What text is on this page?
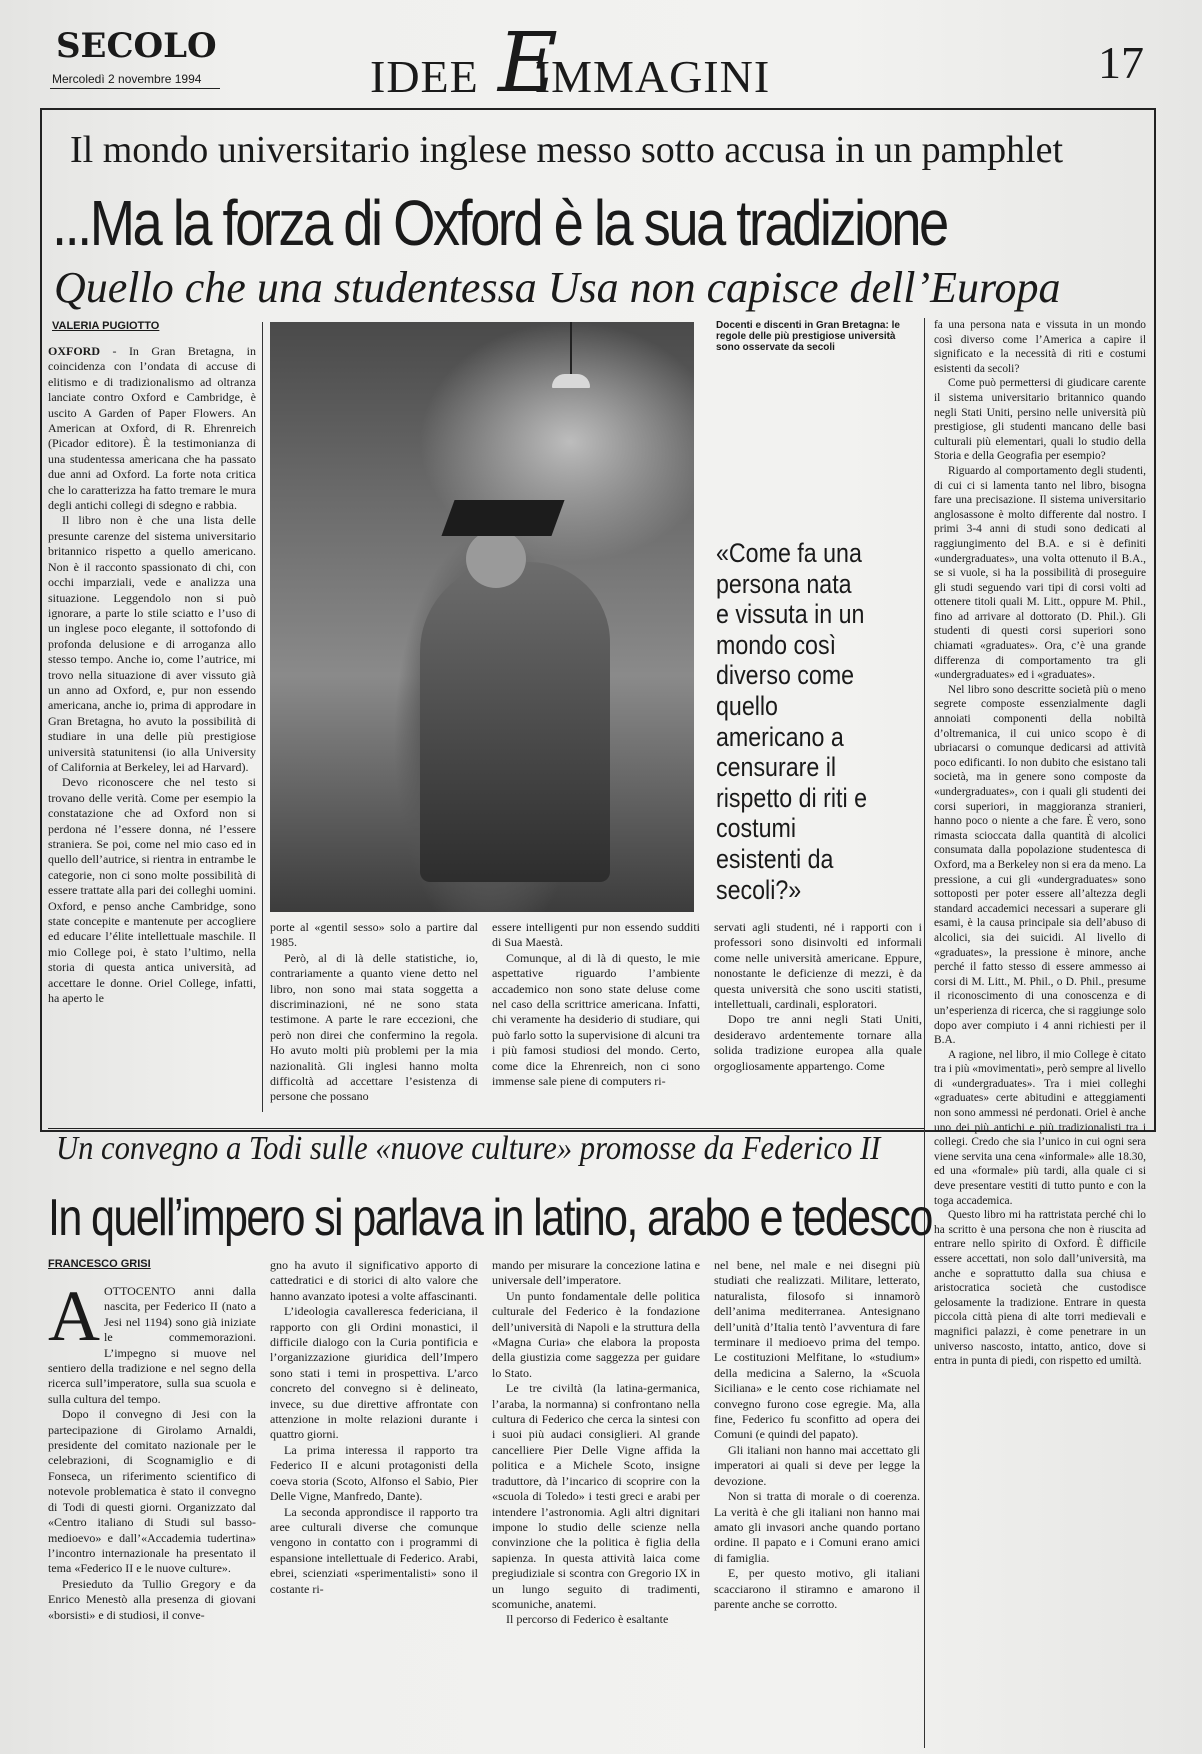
SECOLO
Mercoledì 2 novembre 1994	E
IDEE IMMAGINI	17
Il mondo universitario inglese messo sotto accusa in un pamphlet
...Ma la forza di Oxford è la sua tradizione
Quello che una studentessa Usa non capisce dell’Europa
VALERIA PUGIOTTO

OXFORD - In Gran Bretagna, in coincidenza con l’ondata di accuse di elitismo e di tradizionalismo ad oltranza lanciate contro Oxford e Cambridge, è uscito A Garden of Paper Flowers. An American at Oxford, di R. Ehrenreich (Picador editore). È la testimonianza di una studentessa americana che ha passato due anni ad Oxford. La forte nota critica che lo caratterizza ha fatto tremare le mura degli antichi collegi di sdegno e rabbia.

Il libro non è che una lista delle presunte carenze del sistema universitario britannico rispetto a quello americano. Non è il racconto spassionato di chi, con occhi imparziali, vede e analizza una situazione. Leggendolo non si può ignorare, a parte lo stile sciatto e l’uso di un inglese poco elegante, il sottofondo di profonda delusione e di arroganza allo stesso tempo. Anche io, come l’autrice, mi trovo nella situazione di aver vissuto già un anno ad Oxford, e, pur non essendo americana, anche io, prima di approdare in Gran Bretagna, ho avuto la possibilità di studiare in una delle più prestigiose università statunitensi (io alla University of California at Berkeley, lei ad Harvard).

Devo riconoscere che nel testo si trovano delle verità. Come per esempio la constatazione che ad Oxford non si perdona né l’essere donna, né l’essere straniera. Se poi, come nel mio caso ed in quello dell’autrice, si rientra in entrambe le categorie, non ci sono molte possibilità di essere trattate alla pari dei colleghi uomini. Oxford, e penso anche Cambridge, sono state concepite e mantenute per accogliere ed educare l’élite intellettuale maschile. Il mio College poi, è stato l’ultimo, nella storia di questa antica università, ad accettare le donne. Oriel College, infatti, ha aperto le

Docenti e discenti in Gran Bretagna: le regole delle più prestigiose università sono osservate da secoli
«Come fa una persona nata e vissuta in un mondo così diverso come quello americano a censurare il rispetto di riti e costumi esistenti da secoli?»

porte al «gentil sesso» solo a partire dal 1985.

Però, al di là delle statistiche, io, contrariamente a quanto viene detto nel libro, non sono mai stata soggetta a discriminazioni, né ne sono stata testimone. A parte le rare eccezioni, che però non direi che confermino la regola. Ho avuto molti più problemi per la mia nazionalità. Gli inglesi hanno molta difficoltà ad accettare l’esistenza di persone che possano

essere intelligenti pur non essendo sudditi di Sua Maestà.

Comunque, al di là di questo, le mie aspettative riguardo l’ambiente accademico non sono state deluse come nel caso della scrittrice americana. Infatti, chi veramente ha desiderio di studiare, qui può farlo sotto la supervisione di alcuni tra i più famosi studiosi del mondo. Certo, come dice la Ehrenreich, non ci sono immense sale piene di computers ri-

servati agli studenti, né i rapporti con i professori sono disinvolti ed informali come nelle università americane. Eppure, nonostante le deficienze di mezzi, è da questa università che sono usciti statisti, intellettuali, cardinali, esploratori.

Dopo tre anni negli Stati Uniti, desideravo ardentemente tornare alla solida tradizione europea alla quale orgogliosamente appartengo. Come

fa una persona nata e vissuta in un mondo così diverso come l’America a capire il significato e la necessità di riti e costumi esistenti da secoli?

Come può permettersi di giudicare carente il sistema universitario britannico quando negli Stati Uniti, persino nelle università più prestigiose, gli studenti mancano delle basi culturali più elementari, quali lo studio della Storia e della Geografia per esempio?

Riguardo al comportamento degli studenti, di cui ci si lamenta tanto nel libro, bisogna fare una precisazione. Il sistema universitario anglosassone è molto differente dal nostro. I primi 3-4 anni di studi sono dedicati al raggiungimento del B.A. e si è definiti «undergraduates», una volta ottenuto il B.A., se si vuole, si ha la possibilità di proseguire gli studi seguendo vari tipi di corsi volti ad ottenere titoli quali M. Litt., oppure M. Phil., fino ad arrivare al dottorato (D. Phil.). Gli studenti di questi corsi superiori sono chiamati «graduates». Ora, c’è una grande differenza di comportamento tra gli «undergraduates» ed i «graduates».

Nel libro sono descritte società più o meno segrete composte essenzialmente dagli annoiati componenti della nobiltà d’oltremanica, il cui unico scopo è di ubriacarsi o comunque dedicarsi ad attività poco edificanti. Io non dubito che esistano tali società, ma in genere sono composte da «undergraduates», con i quali gli studenti dei corsi superiori, in maggioranza stranieri, hanno poco o niente a che fare. È vero, sono rimasta scioccata dalla quantità di alcolici consumata dalla popolazione studentesca di Oxford, ma a Berkeley non si era da meno. La pressione, a cui gli «undergraduates» sono sottoposti per poter essere all’altezza degli standard accademici necessari a superare gli esami, è la causa principale sia dell’abuso di alcolici, sia dei suicidi. Al livello di «graduates», la pressione è minore, anche perché il fatto stesso di essere ammesso ai corsi di M. Litt., M. Phil., o D. Phil., presume il riconoscimento di una conoscenza e di un’esperienza di ricerca, che si raggiunge solo dopo aver compiuto i 4 anni richiesti per il B.A.

A ragione, nel libro, il mio College è citato tra i più «movimentati», però sempre al livello di «undergraduates». Tra i miei colleghi «graduates» certe abitudini e atteggiamenti non sono ammessi né perdonati. Oriel è anche uno dei più antichi e più tradizionalisti tra i collegi. Credo che sia l’unico in cui ogni sera viene servita una cena «informale» alle 18.30, ed una «formale» più tardi, alla quale ci si deve presentare vestiti di tutto punto e con la toga accademica.

Questo libro mi ha rattristata perché chi lo ha scritto è una persona che non è riuscita ad entrare nello spirito di Oxford. È difficile essere accettati, non solo dall’università, ma anche e soprattutto dalla sua chiusa e aristocratica società che custodisce gelosamente la tradizione. Entrare in questa piccola città piena di alte torri medievali e magnifici palazzi, è come penetrare in un universo nascosto, intatto, antico, dove si entra in punta di piedi, con rispetto ed umiltà.

Un convegno a Todi sulle «nuove culture» promosse da Federico II
In quell’impero si parlava in latino, arabo e tedesco
FRANCESCO GRISI

A OTTOCENTO anni dalla nascita, per Federico II (nato a Jesi nel 1194) sono già iniziate le commemorazioni. L’impegno si muove nel sentiero della tradizione e nel segno della ricerca sull’imperatore, sulla sua scuola e sulla cultura del tempo.

Dopo il convegno di Jesi con la partecipazione di Girolamo Arnaldi, presidente del comitato nazionale per le celebrazioni, di Scognamiglio e di Fonseca, un riferimento scientifico di notevole problematica è stato il convegno di Todi di questi giorni. Organizzato dal «Centro italiano di Studi sul basso-medioevo» e dall’«Accademia tudertina» l’incontro internazionale ha presentato il tema «Federico II e le nuove culture».

Presieduto da Tullio Gregory e da Enrico Menestò alla presenza di giovani «borsisti» e di studiosi, il conve-

gno ha avuto il significativo apporto di cattedratici e di storici di alto valore che hanno avanzato ipotesi a volte affascinanti.

L’ideologia cavalleresca federiciana, il rapporto con gli Ordini monastici, il difficile dialogo con la Curia pontificia e l’organizzazione giuridica dell’Impero sono stati i temi in prospettiva. L’arco concreto del convegno si è delineato, invece, su due direttive affrontate con attenzione in molte relazioni durante i quattro giorni.

La prima interessa il rapporto tra Federico II e alcuni protagonisti della coeva storia (Scoto, Alfonso el Sabio, Pier Delle Vigne, Manfredo, Dante).

La seconda approndisce il rapporto tra aree culturali diverse che comunque vengono in contatto con i programmi di espansione intellettuale di Federico. Arabi, ebrei, scienziati «sperimentalisti» sono il costante ri-

mando per misurare la concezione latina e universale dell’imperatore.

Un punto fondamentale delle politica culturale del Federico è la fondazione dell’università di Napoli e la struttura della «Magna Curia» che elabora la proposta della giustizia come saggezza per guidare lo Stato.

Le tre civiltà (la latina-germanica, l’araba, la normanna) si confrontano nella cultura di Federico che cerca la sintesi con i suoi più audaci consiglieri. Al grande cancelliere Pier Delle Vigne affida la politica e a Michele Scoto, insigne traduttore, dà l’incarico di scoprire con la «scuola di Toledo» i testi greci e arabi per intendere l’astronomia. Agli altri dignitari impone lo studio delle scienze nella convinzione che la politica è figlia della sapienza. In questa attività laica come pregiudiziale si scontra con Gregorio IX in un lungo seguito di tradimenti, scomuniche, anatemi.

Il percorso di Federico è esaltante

nel bene, nel male e nei disegni più studiati che realizzati. Militare, letterato, naturalista, filosofo si innamorò dell’anima mediterranea. Antesignano dell’unità d’Italia tentò l’avventura di fare terminare il medioevo prima del tempo. Le costituzioni Melfitane, lo «studium» della medicina a Salerno, la «Scuola Siciliana» e le cento cose richiamate nel convegno furono cose egregie. Ma, alla fine, Federico fu sconfitto ad opera dei Comuni (e quindi del papato).

Gli italiani non hanno mai accettato gli imperatori ai quali si deve per legge la devozione.

Non si tratta di morale o di coerenza. La verità è che gli italiani non hanno mai amato gli invasori anche quando portano ordine. Il papato e i Comuni erano amici di famiglia.

E, per questo motivo, gli italiani scacciarono il stiramno e amarono il parente anche se corrotto.
